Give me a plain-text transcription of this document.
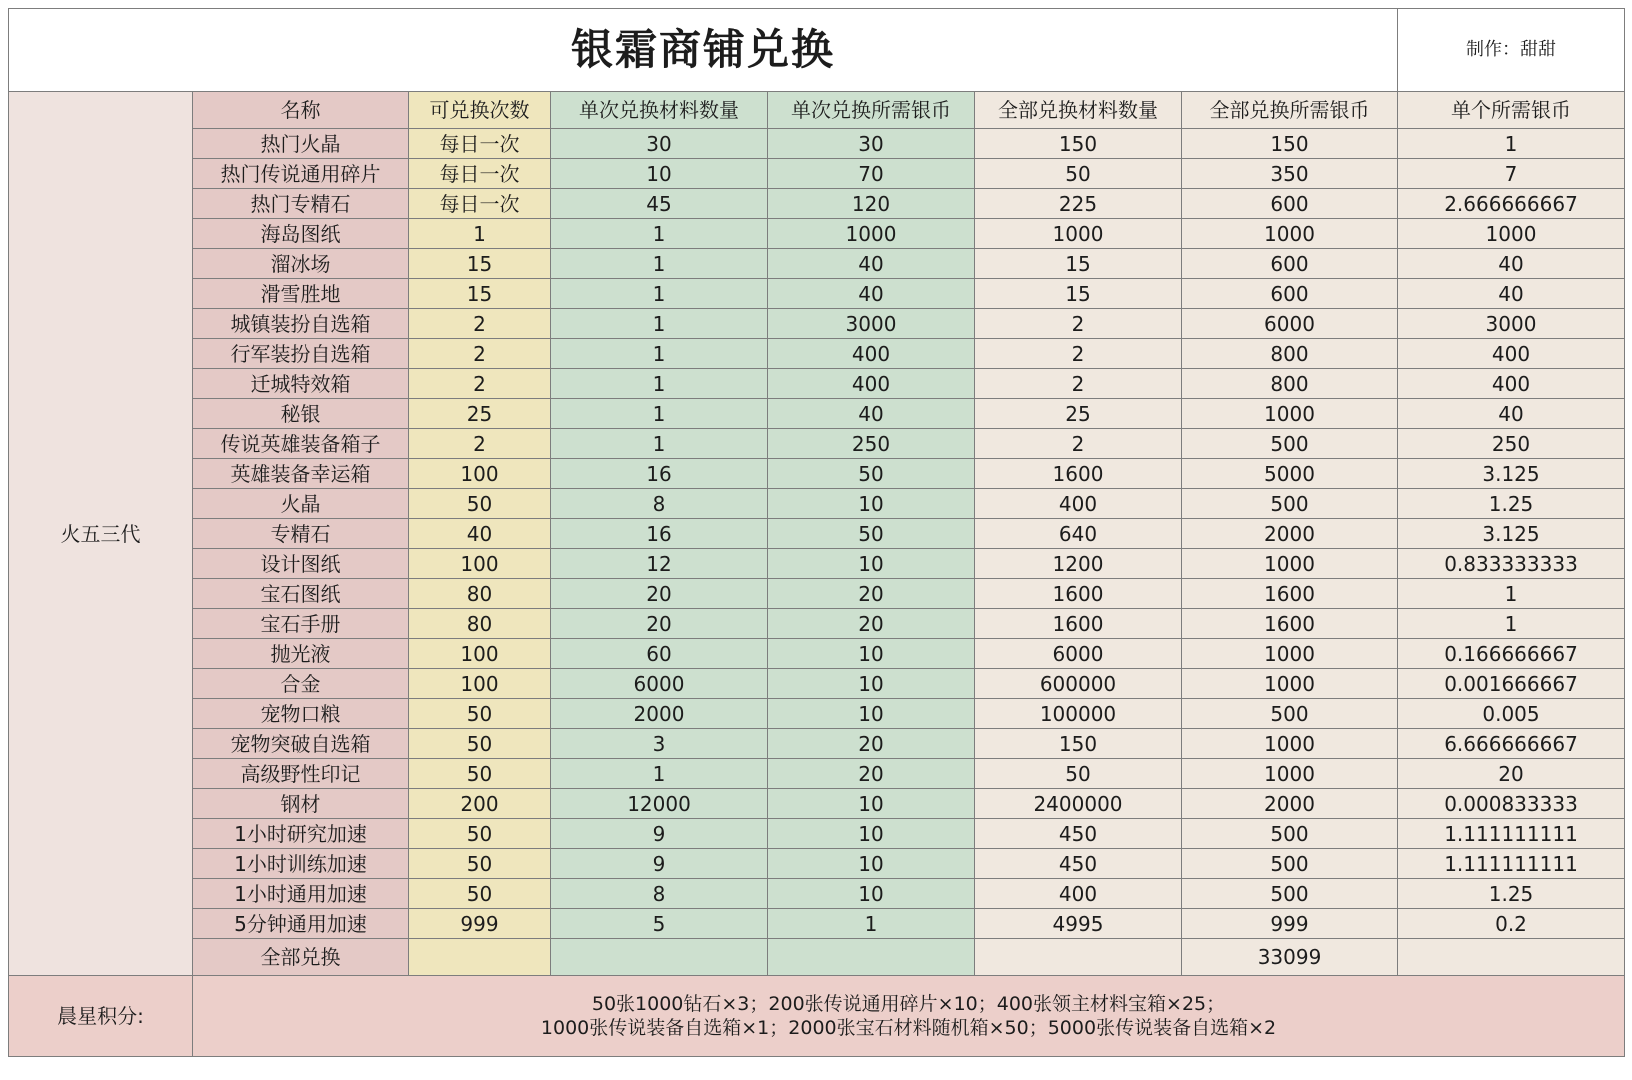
银霜商铺兑换							制作：甜甜
火五三代	名称	可兑换次数	单次兑换材料数量	单次兑换所需银币	全部兑换材料数量	全部兑换所需银币	单个所需银币
	热门火晶	每日一次	30	30	150	150	1
	热门传说通用碎片	每日一次	10	70	50	350	7
	热门专精石	每日一次	45	120	225	600	2.666666667
	海岛图纸	1	1	1000	1000	1000	1000
	溜冰场	15	1	40	15	600	40
	滑雪胜地	15	1	40	15	600	40
	城镇装扮自选箱	2	1	3000	2	6000	3000
	行军装扮自选箱	2	1	400	2	800	400
	迁城特效箱	2	1	400	2	800	400
	秘银	25	1	40	25	1000	40
	传说英雄装备箱子	2	1	250	2	500	250
	英雄装备幸运箱	100	16	50	1600	5000	3.125
	火晶	50	8	10	400	500	1.25
	专精石	40	16	50	640	2000	3.125
	设计图纸	100	12	10	1200	1000	0.833333333
	宝石图纸	80	20	20	1600	1600	1
	宝石手册	80	20	20	1600	1600	1
	抛光液	100	60	10	6000	1000	0.166666667
	合金	100	6000	10	600000	1000	0.001666667
	宠物口粮	50	2000	10	100000	500	0.005
	宠物突破自选箱	50	3	20	150	1000	6.666666667
	高级野性印记	50	1	20	50	1000	20
	钢材	200	12000	10	2400000	2000	0.000833333
	1小时研究加速	50	9	10	450	500	1.111111111
	1小时训练加速	50	9	10	450	500	1.111111111
	1小时通用加速	50	8	10	400	500	1.25
	5分钟通用加速	999	5	1	4995	999	0.2
	全部兑换					33099	
晨星积分:	50张1000钻石×3；200张传说通用碎片×10；400张领主材料宝箱×25；
1000张传说装备自选箱×1；2000张宝石材料随机箱×50；5000张传说装备自选箱×2						
